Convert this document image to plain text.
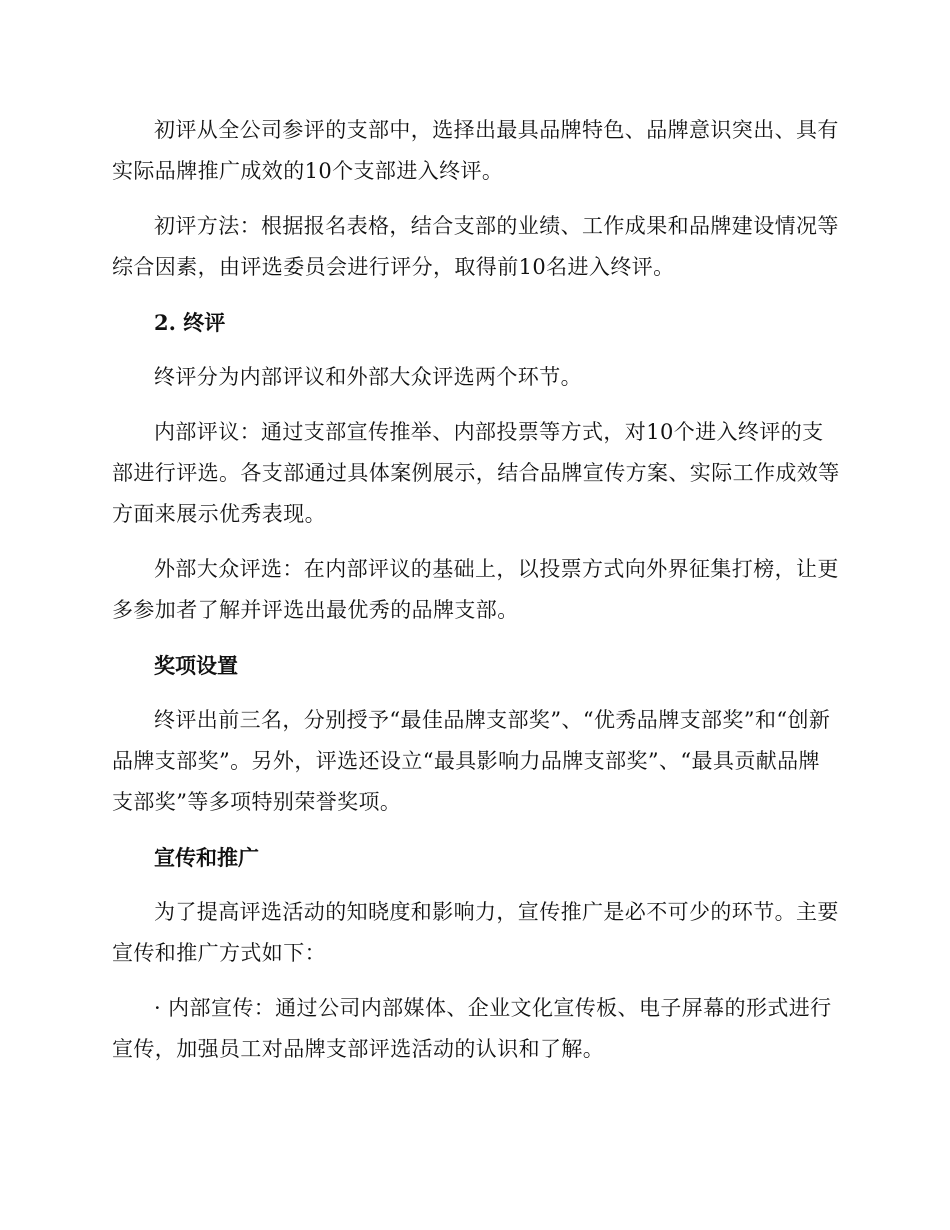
初评从全公司参评的支部中，选择出最具品牌特色、品牌意识突出、具有实际品牌推广成效的10个支部进入终评。

初评方法：根据报名表格，结合支部的业绩、工作成果和品牌建设情况等综合因素，由评选委员会进行评分，取得前10名进入终评。

2. 终评

终评分为内部评议和外部大众评选两个环节。

内部评议：通过支部宣传推举、内部投票等方式，对10个进入终评的支部进行评选。各支部通过具体案例展示，结合品牌宣传方案、实际工作成效等方面来展示优秀表现。

外部大众评选：在内部评议的基础上，以投票方式向外界征集打榜，让更多参加者了解并评选出最优秀的品牌支部。

奖项设置

终评出前三名，分别授予“最佳品牌支部奖”、“优秀品牌支部奖”和“创新品牌支部奖”。另外，评选还设立“最具影响力品牌支部奖”、“最具贡献品牌支部奖”等多项特别荣誉奖项。

宣传和推广

为了提高评选活动的知晓度和影响力，宣传推广是必不可少的环节。主要宣传和推广方式如下：

· 内部宣传：通过公司内部媒体、企业文化宣传板、电子屏幕的形式进行宣传，加强员工对品牌支部评选活动的认识和了解。
